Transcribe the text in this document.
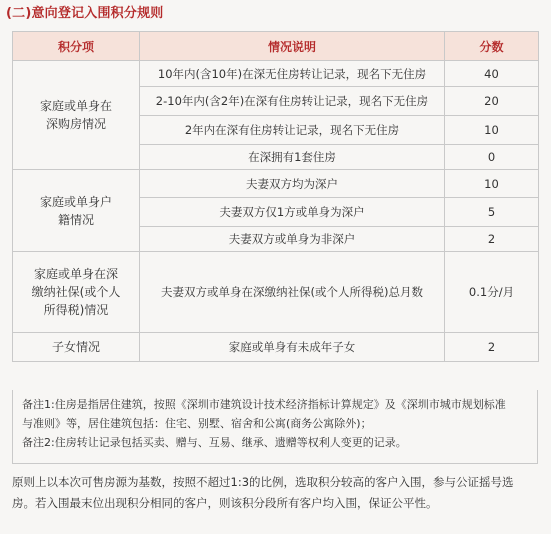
(二)意向登记入围积分规则
积分项	情况说明	分数

家庭或单身在
深购房情况	10年内(含10年)在深无住房转让记录，现名下无住房	40
	2-10年内(含2年)在深有住房转让记录，现名下无住房	20
	2年内在深有住房转让记录，现名下无住房	10
	在深拥有1套住房	0

家庭或单身户
籍情况	夫妻双方均为深户	10
	夫妻双方仅1方或单身为深户	5
	夫妻双方或单身为非深户	2

家庭或单身在深
缴纳社保(或个人
所得税)情况	夫妻双方或单身在深缴纳社保(或个人所得税)总月数	0.1分/月

子女情况	家庭或单身有未成年子女	2

备注1:住房是指居住建筑，按照《深圳市建筑设计技术经济指标计算规定》及《深圳市城市规划标准

与准则》等，居住建筑包括：住宅、别墅、宿舍和公寓(商务公寓除外)；

备注2:住房转让记录包括买卖、赠与、互易、继承、遗赠等权利人变更的记录。

原则上以本次可售房源为基数，按照不超过1:3的比例，选取积分较高的客户入围，参与公证摇号选

房。若入围最末位出现积分相同的客户，则该积分段所有客户均入围，保证公平性。
